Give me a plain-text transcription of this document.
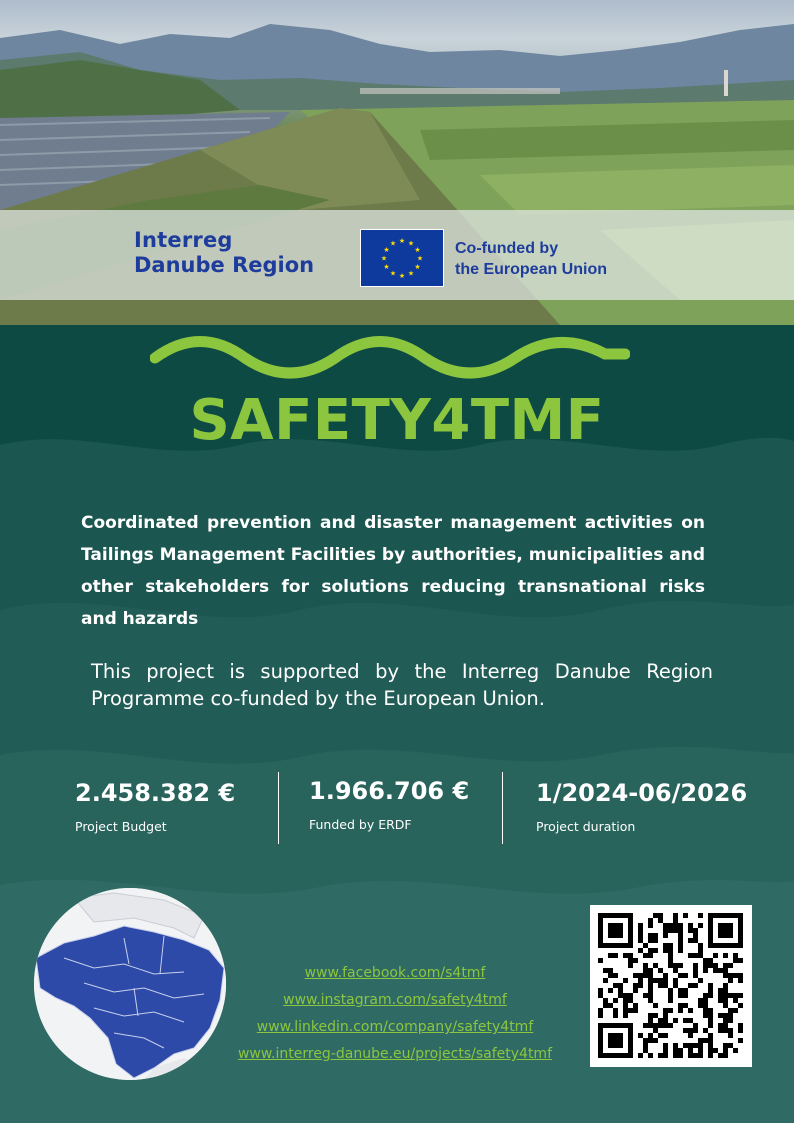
Interreg
Danube Region
★ ★
★
★
★
★
★
★
★
★
★
★	Co-funded by
the European Union
SAFETY4TMF
Coordinated prevention and disaster management activities on Tailings Management Facilities by authorities, municipalities and other stakeholders for solutions reducing transnational risks and hazards
This project is supported by the Interreg Danube Region Programme co-funded by the European Union.
2.458.382 €
Project Budget
1.966.706 €
Funded by ERDF
1/2024-06/2026
Project duration
www.facebook.com/s4tmf
www.instagram.com/safety4tmf
www.linkedin.com/company/safety4tmf
www.interreg-danube.eu/projects/safety4tmf
